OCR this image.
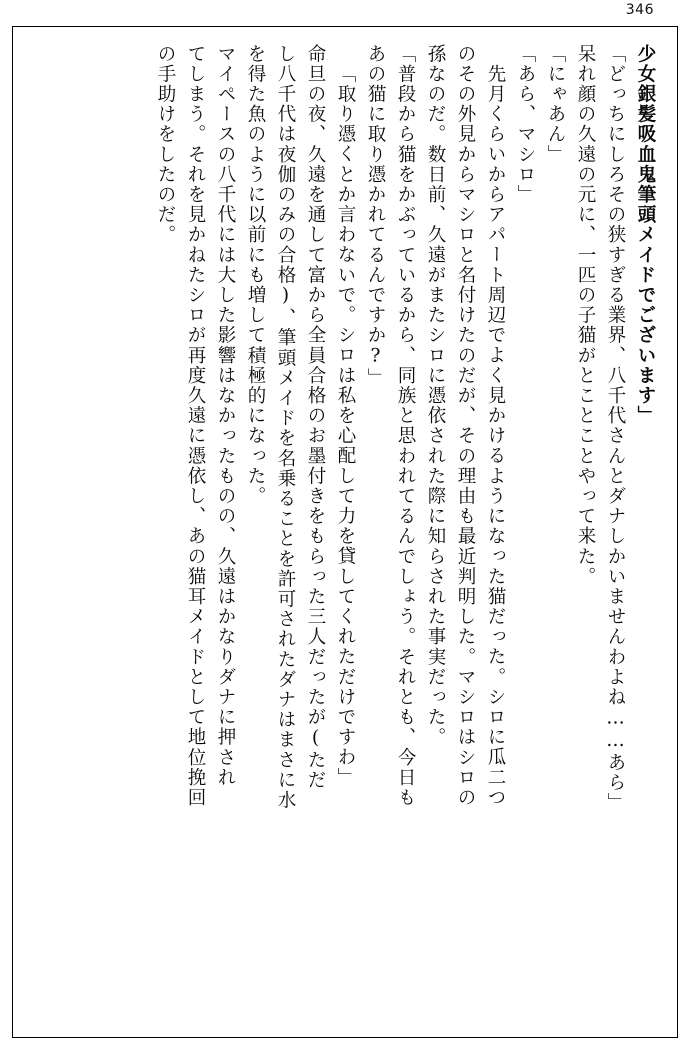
346
少女銀髪吸血鬼筆頭メイドでございます」
「どっちにしろその狭すぎる業界、八千代さんとダナしかいませんわよね……あら」
呆れ顔の久遠の元に、一匹の子猫がとことことやって来た。
「にゃあん」
「あら、マシロ」
先月くらいからアパート周辺でよく見かけるようになった猫だった。シロに瓜二つ
のその外見からマシロと名付けたのだが、その理由も最近判明した。マシロはシロの
孫なのだ。数日前、久遠がまたシロに憑依された際に知らされた事実だった。
「普段から猫をかぶっているから、同族と思われてるんでしょう。それとも、今日も
あの猫に取り憑かれてるんですか?」
「取り憑くとか言わないで。シロは私を心配して力を貸してくれただけですわ」
命旦の夜、久遠を通して富から全員合格のお墨付きをもらった三人だったが(ただ
し八千代は夜伽のみの合格)、筆頭メイドを名乗ることを許可されたダナはまさに水
を得た魚のように以前にも増して積極的になった。
マイペースの八千代には大した影響はなかったものの、久遠はかなりダナに押され
てしまう。それを見かねたシロが再度久遠に憑依し、あの猫耳メイドとして地位挽回
の手助けをしたのだ。
